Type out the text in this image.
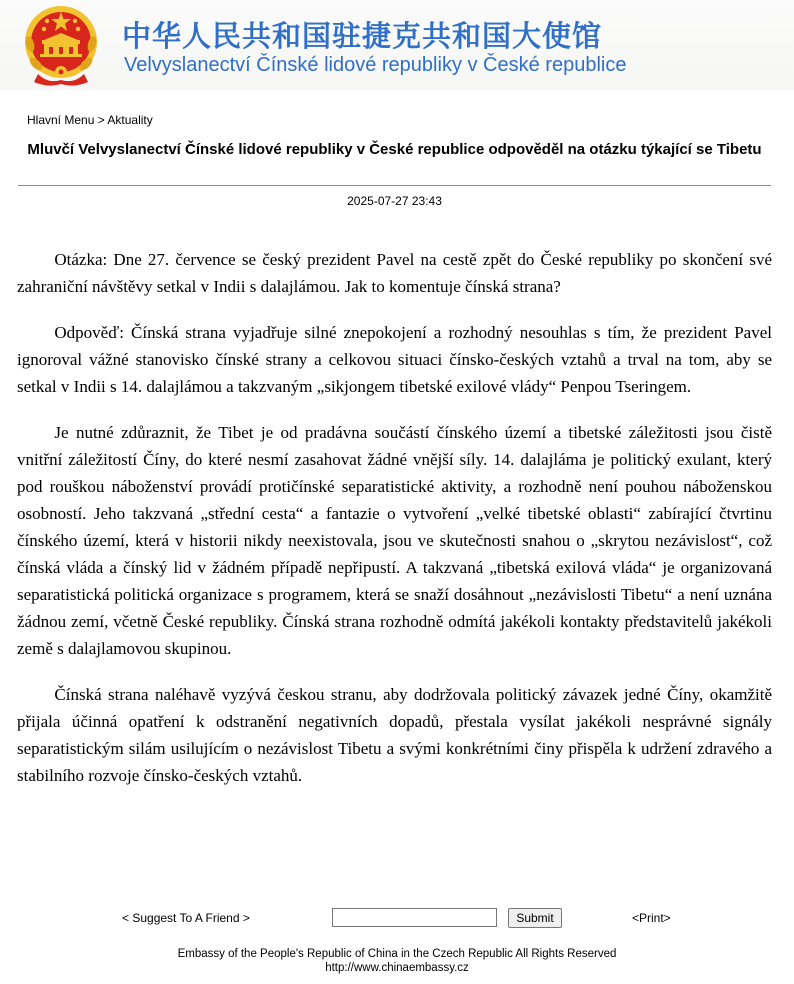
中华人民共和国驻捷克共和国大使馆
Velvyslanectví Čínské lidové republiky v České republice
Hlavní Menu > Aktuality
Mluvčí Velvyslanectví Čínské lidové republiky v České republice odpověděl na otázku týkající se Tibetu
2025-07-27 23:43

Otázka: Dne 27. července se český prezident Pavel na cestě zpět do České republiky po skončení své zahraniční návštěvy setkal v Indii s dalajlámou. Jak to komentuje čínská strana?

Odpověď: Čínská strana vyjadřuje silné znepokojení a rozhodný nesouhlas s tím, že prezident Pavel ignoroval vážné stanovisko čínské strany a celkovou situaci čínsko-českých vztahů a trval na tom, aby se setkal v Indii s 14. dalajlámou a takzvaným „sikjongem tibetské exilové vlády“ Penpou Tseringem.

Je nutné zdůraznit, že Tibet je od pradávna součástí čínského území a tibetské záležitosti jsou čistě vnitřní záležitostí Číny, do které nesmí zasahovat žádné vnější síly. 14. dalajláma je politický exulant, který pod rouškou náboženství provádí protičínské separatistické aktivity, a rozhodně není pouhou náboženskou osobností. Jeho takzvaná „střední cesta“ a fantazie o vytvoření „velké tibetské oblasti“ zabírající čtvrtinu čínského území, která v historii nikdy neexistovala, jsou ve skutečnosti snahou o „skrytou nezávislost“, což čínská vláda a čínský lid v žádném případě nepřipustí. A takzvaná „tibetská exilová vláda“ je organizovaná separatistická politická organizace s programem, která se snaží dosáhnout „nezávislosti Tibetu“ a není uznána žádnou zemí, včetně České republiky. Čínská strana rozhodně odmítá jakékoli kontakty představitelů jakékoli země s dalajlamovou skupinou.

Čínská strana naléhavě vyzývá českou stranu, aby dodržovala politický závazek jedné Číny, okamžitě přijala účinná opatření k odstranění negativních dopadů, přestala vysílat jakékoli nesprávné signály separatistickým silám usilujícím o nezávislost Tibetu a svými konkrétními činy přispěla k udržení zdravého a stabilního rozvoje čínsko-českých vztahů.

< Suggest To A Friend >	Submit	<Print>
Embassy of the People's Republic of China in the Czech Republic All Rights Reserved
http://www.chinaembassy.cz
